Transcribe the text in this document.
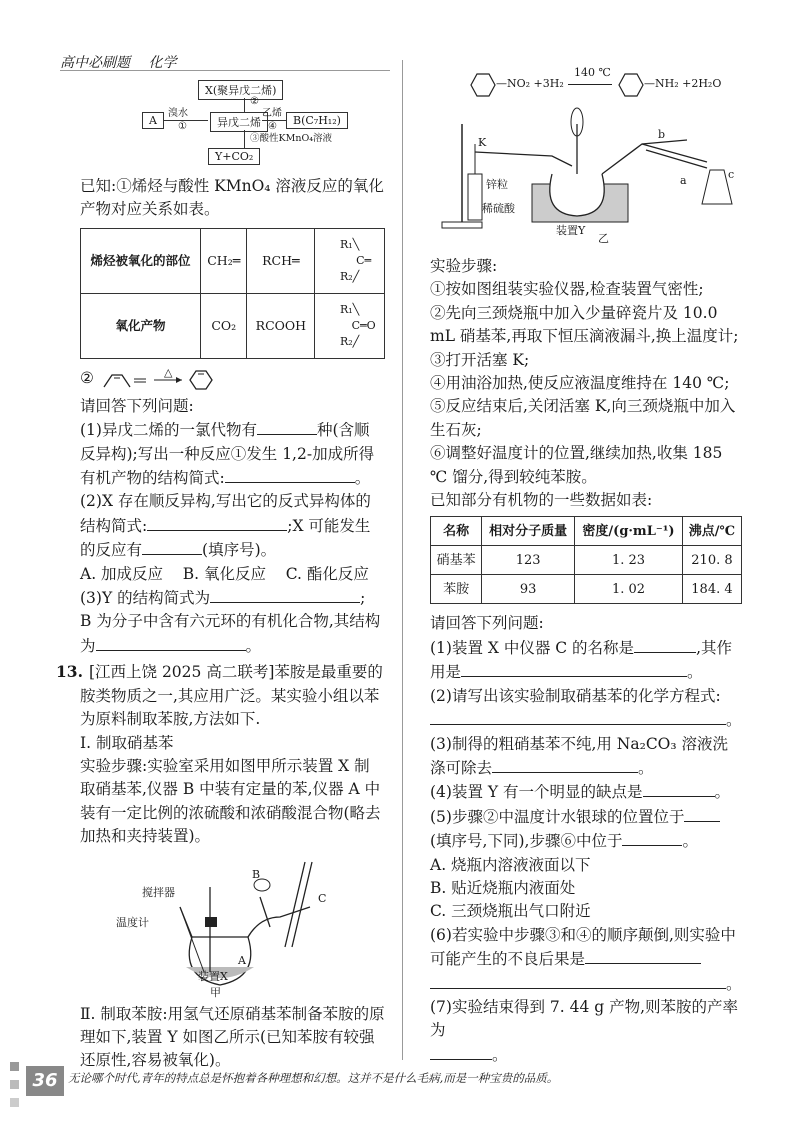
高中必刷题 化学
X(聚异戊二烯)
②
A
溴水
①	异戊二烯
乙烯
④	B(C₇H₁₂)
③酸性KMnO₄溶液
Y+CO₂

已知:①烯烃与酸性 KMnO₄ 溶液反应的氧化产物对应关系如表。

烯烃被氧化的部位	CH₂═	RCH═	R₁╲
C═
R₂╱
氧化产物	CO₂	RCOOH	R₁╲
C═O
R₂╱

②	△

请回答下列问题:

(1)异戊二烯的一氯代物有	种(含顺反异构);写出一种反应①发生 1,2-加成所得有机产物的结构简式:	。

(2)X 存在顺反异构,写出它的反式异构体的结构简式:	;X 可能发生的反应有	(填序号)。

A. 加成反应    B. 氧化反应    C. 酯化反应

(3)Y 的结构简式为	;
B 为分子中含有六元环的有机化合物,其结构为	。

13. [江西上饶 2025 高二联考]苯胺是最重要的胺类物质之一,其应用广泛。某实验小组以苯为原料制取苯胺,方法如下.

Ⅰ. 制取硝基苯

实验步骤:实验室采用如图甲所示装置 X 制取硝基苯,仪器 B 中装有定量的苯,仪器 A 中装有一定比例的浓硫酸和浓硝酸混合物(略去加热和夹持装置)。

搅拌器
温度计
A
B
C
装置X
甲

Ⅱ. 制取苯胺:用氢气还原硝基苯制备苯胺的原理如下,装置 Y 如图乙所示(已知苯胺有较强还原性,容易被氧化)。

—NO₂ +3H₂
140 ℃
—NH₂ +2H₂O
K
锌粒
稀硫酸
b
a	c
装置Y
乙

实验步骤:

①按如图组装实验仪器,检查装置气密性;

②先向三颈烧瓶中加入少量碎瓷片及 10.0 mL 硝基苯,再取下恒压滴液漏斗,换上温度计;

③打开活塞 K;

④用油浴加热,使反应液温度维持在 140 ℃;

⑤反应结束后,关闭活塞 K,向三颈烧瓶中加入生石灰;

⑥调整好温度计的位置,继续加热,收集 185 ℃ 馏分,得到较纯苯胺。

已知部分有机物的一些数据如表:

名称	相对分子质量	密度/(g·mL⁻¹)	沸点/℃
硝基苯	123	1. 23	210. 8
苯胺	93	1. 02	184. 4

请回答下列问题:

(1)装置 X 中仪器 C 的名称是	,其作用是	。

(2)请写出该实验制取硝基苯的化学方程式:
。

(3)制得的粗硝基苯不纯,用 Na₂CO₃ 溶液洗涤可除去	。

(4)装置 Y 有一个明显的缺点是	。

(5)步骤②中温度计水银球的位置位于(填序号,下同),步骤⑥中位于	。

A. 烧瓶内溶液液面以下

B. 贴近烧瓶内液面处

C. 三颈烧瓶出气口附近

(6)若实验中步骤③和④的顺序颠倒,则实验中可能产生的不良后果是
。

(7)实验结束得到 7. 44 g 产物,则苯胺的产率为
。

36 无论哪个时代,青年的特点总是怀抱着各种理想和幻想。这并不是什么毛病,而是一种宝贵的品质。
